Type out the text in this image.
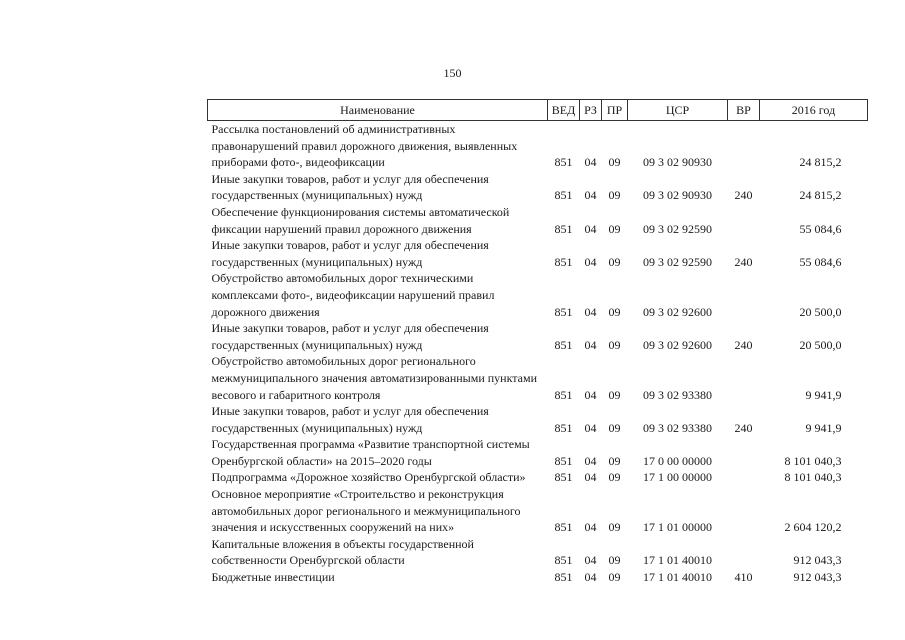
150
Наименование	ВЕД	РЗ	ПР	ЦСР	ВР	2016 год
Рассылка постановлений об административных правонарушений правил дорожного движения, выявленных приборами фото-, видеофиксации	851	04	09	09 3 02 90930		24 815,2
Иные закупки товаров, работ и услуг для обеспечения государственных (муниципальных) нужд	851	04	09	09 3 02 90930	240	24 815,2
Обеспечение функционирования системы автоматической фиксации нарушений правил дорожного движения	851	04	09	09 3 02 92590		55 084,6
Иные закупки товаров, работ и услуг для обеспечения государственных (муниципальных) нужд	851	04	09	09 3 02 92590	240	55 084,6
Обустройство автомобильных дорог техническими комплексами фото-, видеофиксации нарушений правил дорожного движения	851	04	09	09 3 02 92600		20 500,0
Иные закупки товаров, работ и услуг для обеспечения государственных (муниципальных) нужд	851	04	09	09 3 02 92600	240	20 500,0
Обустройство автомобильных дорог регионального межмуниципального значения автоматизированными пунктами весового и габаритного контроля	851	04	09	09 3 02 93380		9 941,9
Иные закупки товаров, работ и услуг для обеспечения государственных (муниципальных) нужд	851	04	09	09 3 02 93380	240	9 941,9
Государственная программа «Развитие транспортной системы Оренбургской области» на 2015–2020 годы	851	04	09	17 0 00 00000		8 101 040,3
Подпрограмма «Дорожное хозяйство Оренбургской области»	851	04	09	17 1 00 00000		8 101 040,3
Основное мероприятие «Строительство и реконструкция автомобильных дорог регионального и межмуниципального значения и искусственных сооружений на них»	851	04	09	17 1 01 00000		2 604 120,2
Капитальные вложения в объекты государственной собственности Оренбургской области	851	04	09	17 1 01 40010		912 043,3
Бюджетные инвестиции	851	04	09	17 1 01 40010	410	912 043,3
